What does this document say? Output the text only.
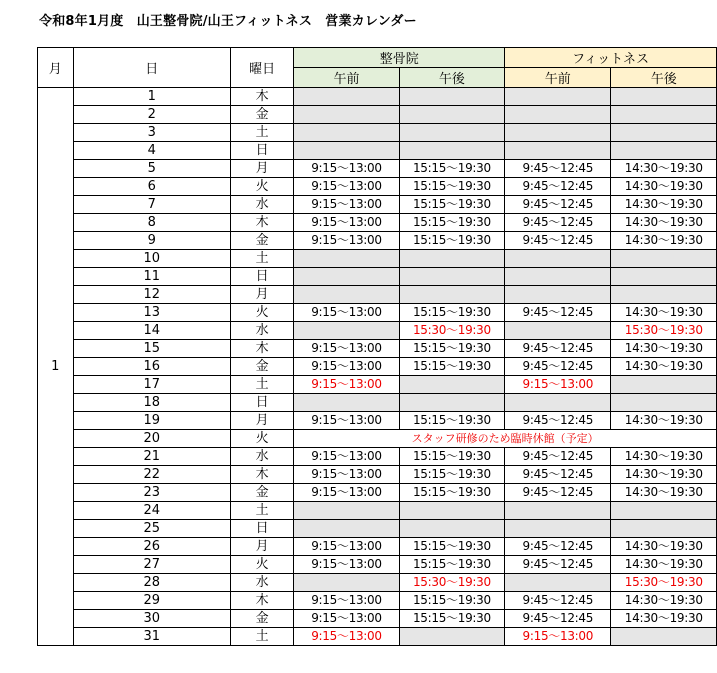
令和8年1月度　山王整骨院/山王フィットネス　営業カレンダー
月	日	曜日	整骨院		フィットネス	
			午前	午後	午前	午後
1	1	木				
	2	金				
	3	土				
	4	日				
	5	月	9:15～13:00	15:15～19:30	9:45～12:45	14:30～19:30
	6	火	9:15～13:00	15:15～19:30	9:45～12:45	14:30～19:30
	7	水	9:15～13:00	15:15～19:30	9:45～12:45	14:30～19:30
	8	木	9:15～13:00	15:15～19:30	9:45～12:45	14:30～19:30
	9	金	9:15～13:00	15:15～19:30	9:45～12:45	14:30～19:30
	10	土				
	11	日				
	12	月				
	13	火	9:15～13:00	15:15～19:30	9:45～12:45	14:30～19:30
	14	水		15:30～19:30		15:30～19:30
	15	木	9:15～13:00	15:15～19:30	9:45～12:45	14:30～19:30
	16	金	9:15～13:00	15:15～19:30	9:45～12:45	14:30～19:30
	17	土	9:15～13:00		9:15～13:00	
	18	日				
	19	月	9:15～13:00	15:15～19:30	9:45～12:45	14:30～19:30
	20	火	スタッフ研修のため臨時休館（予定）			
	21	水	9:15～13:00	15:15～19:30	9:45～12:45	14:30～19:30
	22	木	9:15～13:00	15:15～19:30	9:45～12:45	14:30～19:30
	23	金	9:15～13:00	15:15～19:30	9:45～12:45	14:30～19:30
	24	土				
	25	日				
	26	月	9:15～13:00	15:15～19:30	9:45～12:45	14:30～19:30
	27	火	9:15～13:00	15:15～19:30	9:45～12:45	14:30～19:30
	28	水		15:30～19:30		15:30～19:30
	29	木	9:15～13:00	15:15～19:30	9:45～12:45	14:30～19:30
	30	金	9:15～13:00	15:15～19:30	9:45～12:45	14:30～19:30
	31	土	9:15～13:00		9:15～13:00	
